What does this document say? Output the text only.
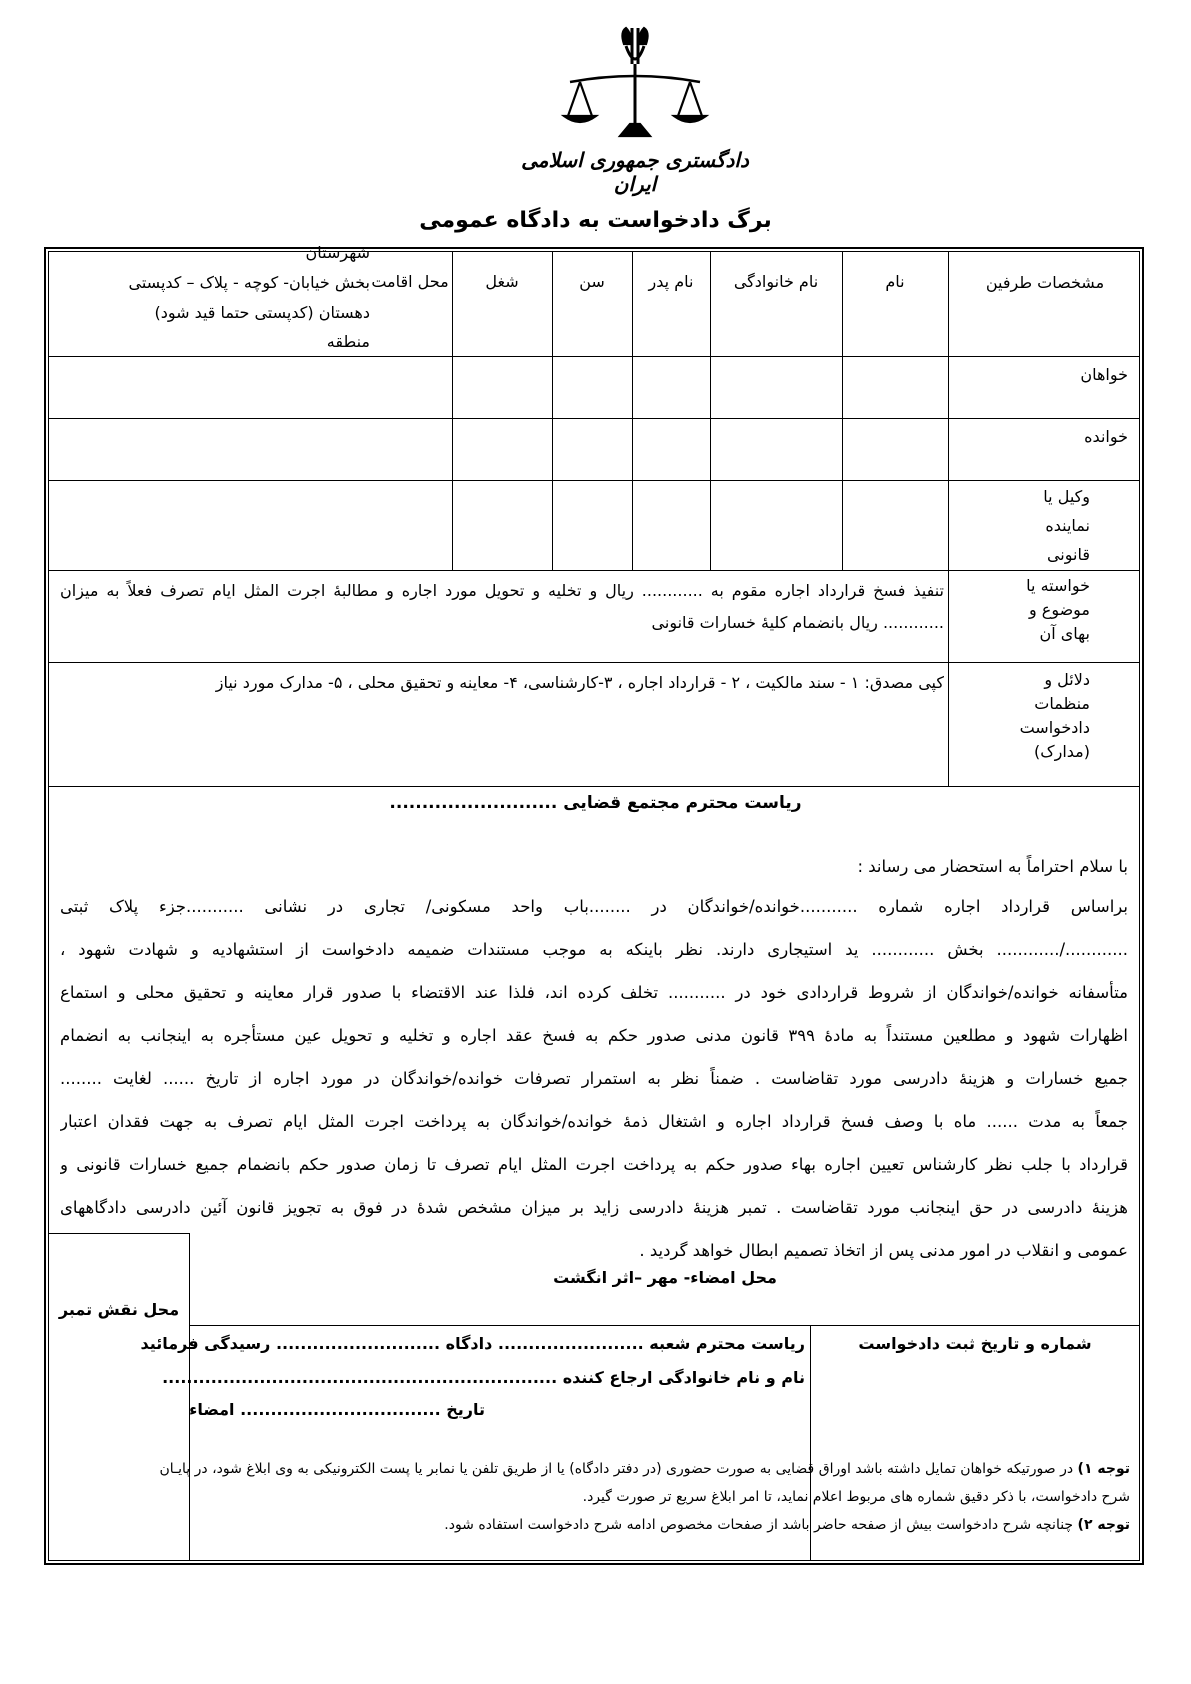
دادگستری جمهوری اسلامی ایران
برگ دادخواست به دادگاه عمومی
مشخصات طرفین
نام
نام خانوادگی
نام پدر
سن
شغل
محل اقامت
شهرستان
بخش خیابان- کوچه - پلاک – کدپستی
دهستان (کدپستی حتما قید شود)
منطقه
خواهان
خوانده
وکیل یا نماینده قانونی
خواسته یا موضوع و بهای آن
تنفیذ فسخ قرارداد اجاره مقوم به ............ ریال و تخلیه و تحویل مورد اجاره و مطالبهٔ اجرت المثل ایام تصرف فعلاً به میزان
............ ریال بانضمام کلیهٔ خسارات قانونی
دلائل و منظمات دادخواست (مدارک)
کپی مصدق: ۱ - سند مالکیت ، ۲ - قرارداد اجاره ، ۳-کارشناسی، ۴- معاینه و تحقیق محلی ، ۵- مدارک مورد نیاز
ریاست محترم مجتمع قضایی ..........................
با سلام احتراماً به استحضار می رساند :
براساس قرارداد اجاره شماره ...........خوانده/خواندگان در ........باب واحد مسکونی/ تجاری در نشانی ...........جزء پلاک ثبتی
............/............ بخش ............ ید استیجاری دارند. نظر باینکه به موجب مستندات ضمیمه دادخواست از استشهادیه و شهادت شهود ،
متأسفانه خوانده/خواندگان از شروط قراردادی خود در ........... تخلف کرده اند، فلذا عند الاقتضاء با صدور قرار معاینه و تحقیق محلی و استماع
اظهارات شهود و مطلعین مستنداً به مادهٔ ۳۹۹ قانون مدنی صدور حکم به فسخ عقد اجاره و تخلیه و تحویل عین مستأجره به اینجانب به انضمام
جمیع خسارات و هزینهٔ دادرسی مورد تقاضاست . ضمناً نظر به استمرار تصرفات خوانده/خواندگان در مورد اجاره از تاریخ ...... لغایت ........
جمعاً به مدت ...... ماه با وصف فسخ قرارداد اجاره و اشتغال ذمهٔ خوانده/خواندگان به پرداخت اجرت المثل ایام تصرف به جهت فقدان اعتبار
قرارداد با جلب نظر کارشناس تعیین اجاره بهاء صدور حکم به پرداخت اجرت المثل ایام تصرف تا زمان صدور حکم بانضمام جمیع خسارات قانونی و
هزینهٔ دادرسی در حق اینجانب مورد تقاضاست . تمبر هزینهٔ دادرسی زاید بر میزان مشخص شدهٔ در فوق به تجویز قانون آئین دادرسی دادگاههای
عمومی و انقلاب در امور مدنی پس از اتخاذ تصمیم ابطال خواهد گردید .
محل نقش تمبر
محل امضاء- مهر –اثر انگشت
شماره و تاریخ ثبت دادخواست
ریاست محترم شعبه ........................ دادگاه ........................... رسیدگی فرمائید
نام و نام خانوادگی ارجاع کننده .................................................................
تاریخ ................................. امضاء
توجه ۱) در صورتیکه خواهان تمایل داشته باشد اوراق قضایی به صورت حضوری (در دفتر دادگاه) یا از طریق تلفن یا نمابر یا پست الکترونیکی به وی ابلاغ شود، در پایـان
شرح دادخواست، با ذکر دقیق شماره های مربوط اعلام نماید، تا امر ابلاغ سریع تر صورت گیرد.
توجه ۲) چنانچه شرح دادخواست بیش از صفحه حاضر باشد از صفحات مخصوص ادامه شرح دادخواست استفاده شود.
